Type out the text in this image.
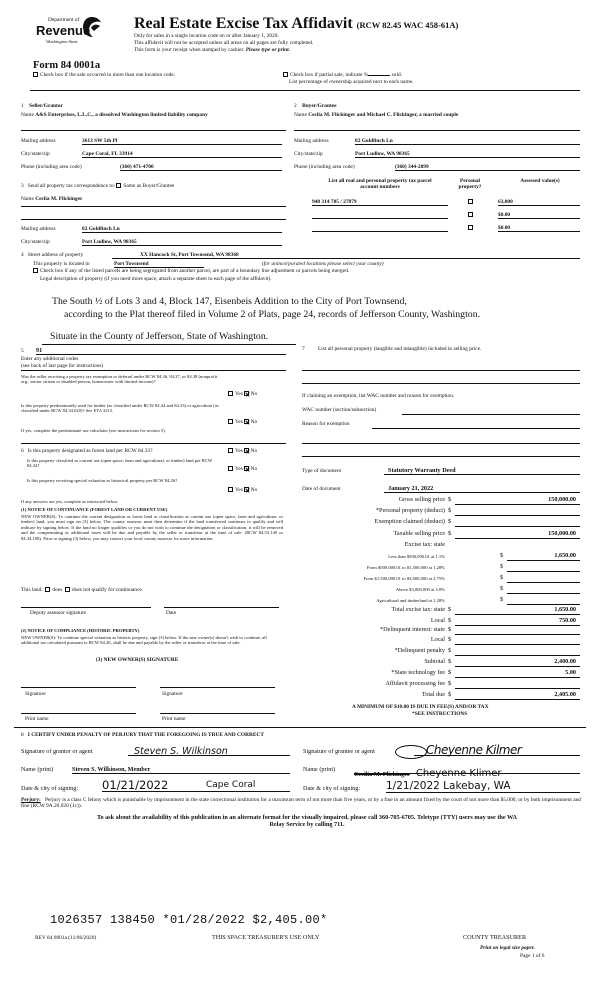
Department of
Revenue
Washington State
Real Estate Excise Tax Affidavit (RCW 82.45 WAC 458-61A)
Only for sales in a single location code on or after January 1, 2020.
This affidavit will not be accepted unless all areas on all pages are fully completed.
This form is your receipt when stamped by cashier. Please type or print.
Form 84 0001a
Check box if the sale occurred in more than one location code.	Check box if partial sale, indicate %	sold.
List percentage of ownership acquired next to each name.
1 Seller/Grantor
Name A&S Enterprises, L.L.C., a dissolved Washington limited liability company
Mailing address	3613 SW 5th Pl
City/state/zip	Cape Coral, FL 33914
Phone (including area code)	(360) 471-4700
2 Buyer/Grantee
Name Ceclia M. Flickinger and Michael C. Flickinger, a married couple
Mailing address	82 Goldfinch Ln
City/state/zip	Port Ludlow, WA 98365
Phone (including area code)	(360) 344-2899
3 Send all property tax correspondence to: Same as Buyer/Grantee
Name Ceclia M. Flickinger
Mailing address	82 Goldfinch Ln
City/state/zip	Port Ludlow, WA 98365
List all real and personal property tax parcel account numbers
Personal property?
Assessed value(s)
948 314 705 / 27879	63,000
$0.00
$0.00
4 Street address of property	XX Hancock St, Port Townsend, WA 98368
This property is located in	Port Townsend	(for unincorporated locations please select your county)
Check box if any of the listed parcels are being segregated from another parcel, are part of a boundary line adjustment or parcels being merged.
Legal description of property (if you need more space, attach a separate sheet to each page of the affidavit).
The South ½ of Lots 3 and 4, Block 147, Eisenbeis Addition to the City of Port Townsend,
according to the Plat thereof filed in Volume 2 of Plats, page 24, records of Jefferson County, Washington.
Situate in the County of Jefferson, State of Washington.
5 91
Enter any additional codes
(see back of last page for instructions)
Was the seller receiving a property tax exemption or deferral under RCW 84.36, 84.37, or 84.38 (nonprofit org., senior citizen or disabled person, homeowner with limited income)?
Yes No
Is this property predominately used for timber (as classified under RCW 84.34 and 84.33) or agriculture (as classified under RCW 84.34.020)? See ETA 3215.
Yes No
If yes, complete the predominate use calculator (see instructions for section 5).
6 Is this property designated as forest land per RCW 84.33?	Yes No
Is this property classified as current use (open space, farm and agricultural, or timber) land per RCW 84.34?
Yes No
Is this property receiving special valuation as historical property per RCW 84.26?
Yes No
If any answers are yes, complete as instructed below.
(1) NOTICE OF CONTINUANCE (FOREST LAND OR CURRENT USE)
NEW OWNER(S): To continue the current designation as forest land or classification as current use (open space, farm and agriculture, or timber) land, you must sign on (3) below. The county assessor must then determine if the land transferred continues to qualify and will indicate by signing below. If the land no longer qualifies or you do not wish to continue the designation or classification, it will be removed and the compensating or additional taxes will be due and payable by the seller or transferor at the time of sale. (RCW 84.33.140 or 84.34.108). Prior to signing (3) below, you may contact your local county assessor for more information.
This land: does does not qualify for continuance.
Deputy assessor signature	Date
(2) NOTICE OF COMPLIANCE (HISTORIC PROPERTY)
NEW OWNER(S): To continue special valuation as historic property, sign (3) below. If the new owner(s) doesn't wish to continue, all additional tax calculated pursuant to RCW 84.26, shall be due and payable by the seller or transferor at the time of sale.
(3) NEW OWNER(S) SIGNATURE
Signature	Signature
Print name	Print name
7 List all personal property (tangible and intangible) included in selling price.
If claiming an exemption, list WAC number and reason for exemption.
WAC number (section/subsection)
Reason for exemption
Type of document	Statutory Warranty Deed
Date of document	January 21, 2022
Gross selling price $	150,000.00
*Personal property (deduct) $
Exemption claimed (deduct) $
Taxable selling price $	150,000.00
Excise tax: state
Less than $500,000.01 at 1.1%	$	1,650.00
From $500,000.01 to $1,500,000 at 1.28%	$
From $1,500,000.01 to $3,000,000 at 2.75%	$
Above $3,000,000 at 3.0%	$
Agricultural and timberland at 1.28%	$
Total excise tax: state $	1,650.00
Local $	750.00
*Delinquent interest: state $
Local $
*Delinquent penalty $
Subtotal $	2,400.00
*State technology fee $	5.00
Affidavit processing fee $
Total due $	2,405.00
A MINIMUM OF $10.00 IS DUE IN FEE(S) AND/OR TAX
*SEE INSTRUCTIONS
8 I CERTIFY UNDER PENALTY OF PERJURY THAT THE FOREGOING IS TRUE AND CORRECT
Signature of grantor or agent	Steven S. Wilkinson
Name (print)	Steven S. Wilkinson, Member
Date & city of signing: 01/21/2022	Cape Coral
Signature of grantee or agent	Cheyenne Kilmer
Name (print)
Cecilia M. Flickinger Cheyenne Klimer
Date & city of signing: 1/21/2022 Lakebay, WA
Perjury: Perjury is a class C felony which is punishable by imprisonment in the state correctional institution for a maximum term of not more than five years, or by a fine in an amount fixed by the court of not more than $5,000, or by both imprisonment and fine (RCW 9A.20.020 (1c)).
To ask about the availability of this publication in an alternate format for the visually impaired, please call 360-705-6705. Teletype (TTY) users may use the WA Relay Service by calling 711.
1026357 138450 *01/28/2022 $2,405.00*
REV 84 0001a (11/06/2020)	THIS SPACE TREASURER'S USE ONLY	COUNTY TREASURER
Print on legal size paper.
Page 1 of 6
